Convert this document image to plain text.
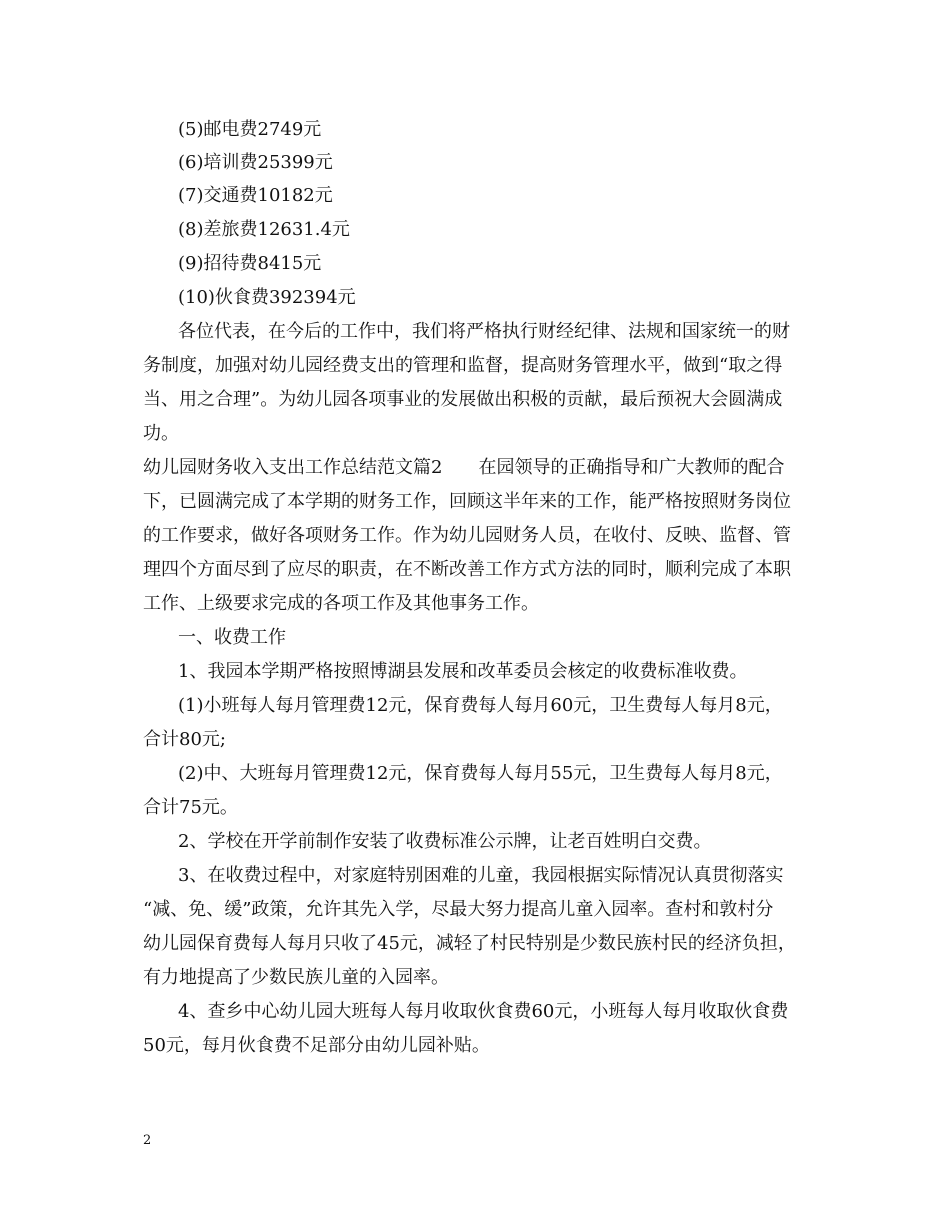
(5)邮电费2749元
(6)培训费25399元
(7)交通费10182元
(8)差旅费12631.4元
(9)招待费8415元
(10)伙食费392394元
各位代表，在今后的工作中，我们将严格执行财经纪律、法规和国家统一的财
务制度，加强对幼儿园经费支出的管理和监督，提高财务管理水平，做到“取之得
当、用之合理”。为幼儿园各项事业的发展做出积极的贡献，最后预祝大会圆满成
功。
幼儿园财务收入支出工作总结范文篇2　　在园领导的正确指导和广大教师的配合
下，已圆满完成了本学期的财务工作，回顾这半年来的工作，能严格按照财务岗位
的工作要求，做好各项财务工作。作为幼儿园财务人员，在收付、反映、监督、管
理四个方面尽到了应尽的职责，在不断改善工作方式方法的同时，顺利完成了本职
工作、上级要求完成的各项工作及其他事务工作。
一、收费工作
1、我园本学期严格按照博湖县发展和改革委员会核定的收费标准收费。
(1)小班每人每月管理费12元，保育费每人每月60元，卫生费每人每月8元，
合计80元;
(2)中、大班每月管理费12元，保育费每人每月55元，卫生费每人每月8元，
合计75元。
2、学校在开学前制作安装了收费标准公示牌，让老百姓明白交费。
3、在收费过程中，对家庭特别困难的儿童，我园根据实际情况认真贯彻落实
“减、免、缓”政策，允许其先入学，尽最大努力提高儿童入园率。查村和敦村分
幼儿园保育费每人每月只收了45元，减轻了村民特别是少数民族村民的经济负担，
有力地提高了少数民族儿童的入园率。
4、查乡中心幼儿园大班每人每月收取伙食费60元，小班每人每月收取伙食费
50元，每月伙食费不足部分由幼儿园补贴。
2
